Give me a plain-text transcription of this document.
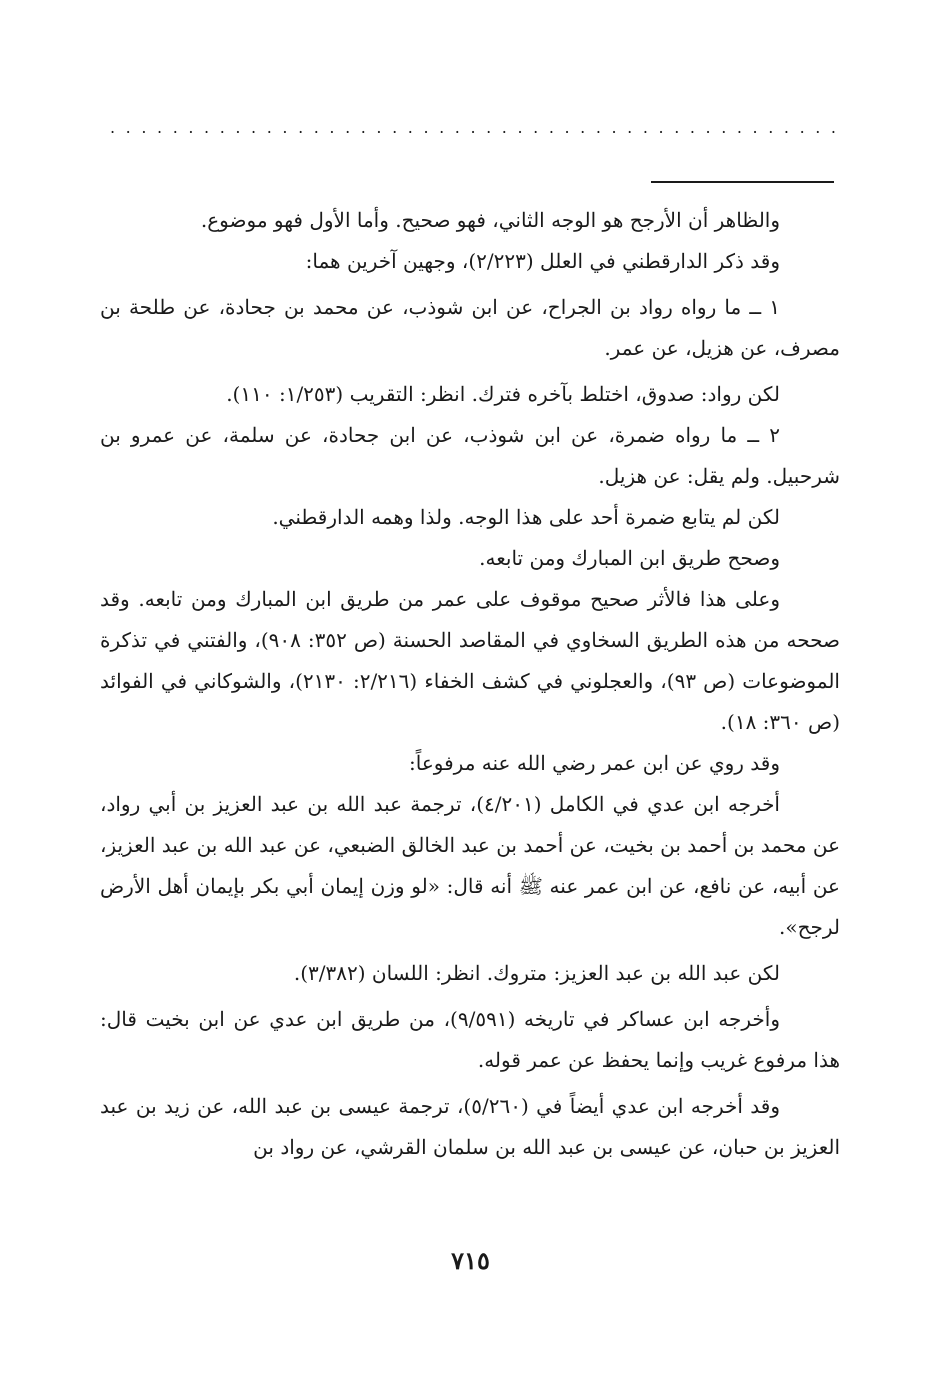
. . . . . . . . . . . . . . . . . . . . . . . . . . . . . . . . . . . . . . . . . . . . . . .

والظاهر أن الأرجح هو الوجه الثاني، فهو صحيح. وأما الأول فهو موضوع.

وقد ذكر الدارقطني في العلل (٢/٢٢٣)، وجهين آخرين هما:

١ ــ ما رواه رواد بن الجراح، عن ابن شوذب، عن محمد بن جحادة، عن طلحة بن مصرف، عن هزيل، عن عمر.

لكن رواد: صدوق، اختلط بآخره فترك. انظر: التقريب (١/٢٥٣: ١١٠).

٢ ــ ما رواه ضمرة، عن ابن شوذب، عن ابن جحادة، عن سلمة، عن عمرو بن شرحبيل. ولم يقل: عن هزيل.

لكن لم يتابع ضمرة أحد على هذا الوجه. ولذا وهمه الدارقطني.

وصحح طريق ابن المبارك ومن تابعه.

وعلى هذا فالأثر صحيح موقوف على عمر من طريق ابن المبارك ومن تابعه. وقد صححه من هذه الطريق السخاوي في المقاصد الحسنة (ص ٣٥٢: ٩٠٨)، والفتني في تذكرة الموضوعات (ص ٩٣)، والعجلوني في كشف الخفاء (٢/٢١٦: ٢١٣٠)، والشوكاني في الفوائد (ص ٣٦٠: ١٨).

وقد روي عن ابن عمر رضي الله عنه مرفوعاً:

أخرجه ابن عدي في الكامل (٤/٢٠١)، ترجمة عبد الله بن عبد العزيز بن أبي رواد، عن محمد بن أحمد بن بخيت، عن أحمد بن عبد الخالق الضبعي، عن عبد الله بن عبد العزيز، عن أبيه، عن نافع، عن ابن عمر عنه ﷺ أنه قال: «لو وزن إيمان أبي بكر بإيمان أهل الأرض لرجح».

لكن عبد الله بن عبد العزيز: متروك. انظر: اللسان (٣/٣٨٢).

وأخرجه ابن عساكر في تاريخه (٩/٥٩١)، من طريق ابن عدي عن ابن بخيت قال: هذا مرفوع غريب وإنما يحفظ عن عمر قوله.

وقد أخرجه ابن عدي أيضاً في (٥/٢٦٠)، ترجمة عيسى بن عبد الله، عن زيد بن عبد العزيز بن حبان، عن عيسى بن عبد الله بن سلمان القرشي، عن رواد بن

٧١٥
